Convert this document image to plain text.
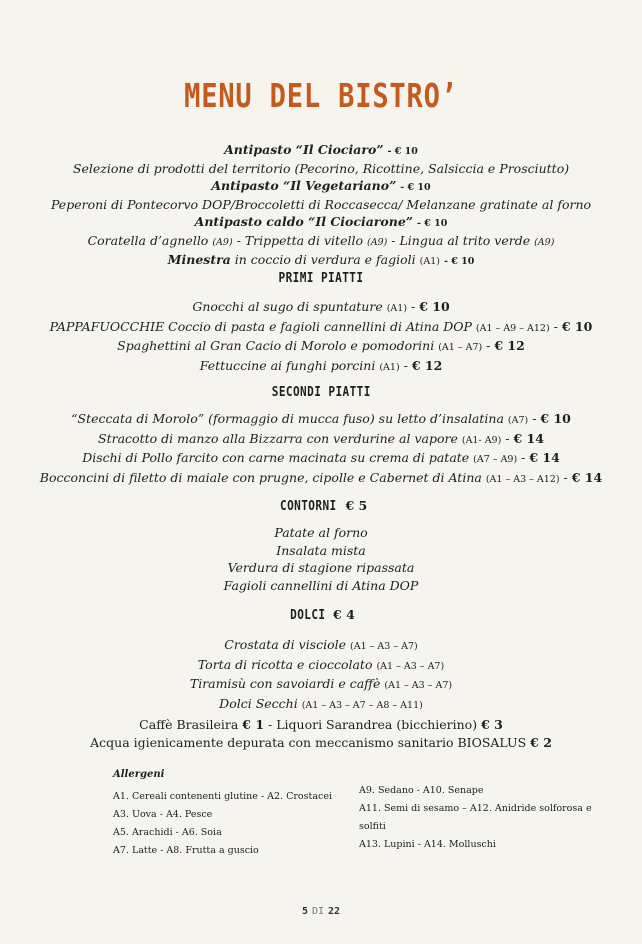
MENU DEL BISTRO’
Antipasto “Il Ciociaro” - € 10
Selezione di prodotti del territorio (Pecorino, Ricottine, Salsiccia e Prosciutto)
Antipasto “Il Vegetariano” - € 10
Peperoni di Pontecorvo DOP/Broccoletti di Roccasecca/ Melanzane gratinate al forno
Antipasto caldo “Il Ciociarone” - € 10
Coratella d’agnello (A9) - Trippetta di vitello (A9) - Lingua al trito verde (A9)
Minestra in coccio di verdura e fagioli (A1) - € 10
PRIMI PIATTI
Gnocchi al sugo di spuntature (A1) - € 10
PAPPAFUOCCHIE Coccio di pasta e fagioli cannellini di Atina DOP (A1 – A9 – A12) - € 10
Spaghettini al Gran Cacio di Morolo e pomodorini (A1 – A7) - € 12
Fettuccine ai funghi porcini (A1) - € 12
SECONDI PIATTI
“Steccata di Morolo” (formaggio di mucca fuso) su letto d’insalatina (A7) - € 10
Stracotto di manzo alla Bizzarra con verdurine al vapore (A1- A9) - € 14
Dischi di Pollo farcito con carne macinata su crema di patate (A7 – A9) - € 14
Bocconcini di filetto di maiale con prugne, cipolle e Cabernet di Atina (A1 – A3 – A12) - € 14
CONTORNI € 5
Patate al forno
Insalata mista
Verdura di stagione ripassata
Fagioli cannellini di Atina DOP
DOLCI € 4
Crostata di visciole (A1 – A3 – A7)
Torta di ricotta e cioccolato (A1 – A3 – A7)
Tiramisù con savoiardi e caffè (A1 – A3 – A7)
Dolci Secchi (A1 – A3 – A7 – A8 – A11)
Caffè Brasileira € 1 - Liquori Sarandrea (bicchierino) € 3
Acqua igienicamente depurata con meccanismo sanitario BIOSALUS € 2
Allergeni
A1. Cereali contenenti glutine - A2. Crostacei
A3. Uova - A4. Pesce
A5. Arachidi - A6. Soia
A7. Latte - A8. Frutta a guscio
A9. Sedano - A10. Senape
A11. Semi di sesamo – A12. Anidride solforosa e
solfiti
A13. Lupini - A14. Molluschi
5 DI 22
